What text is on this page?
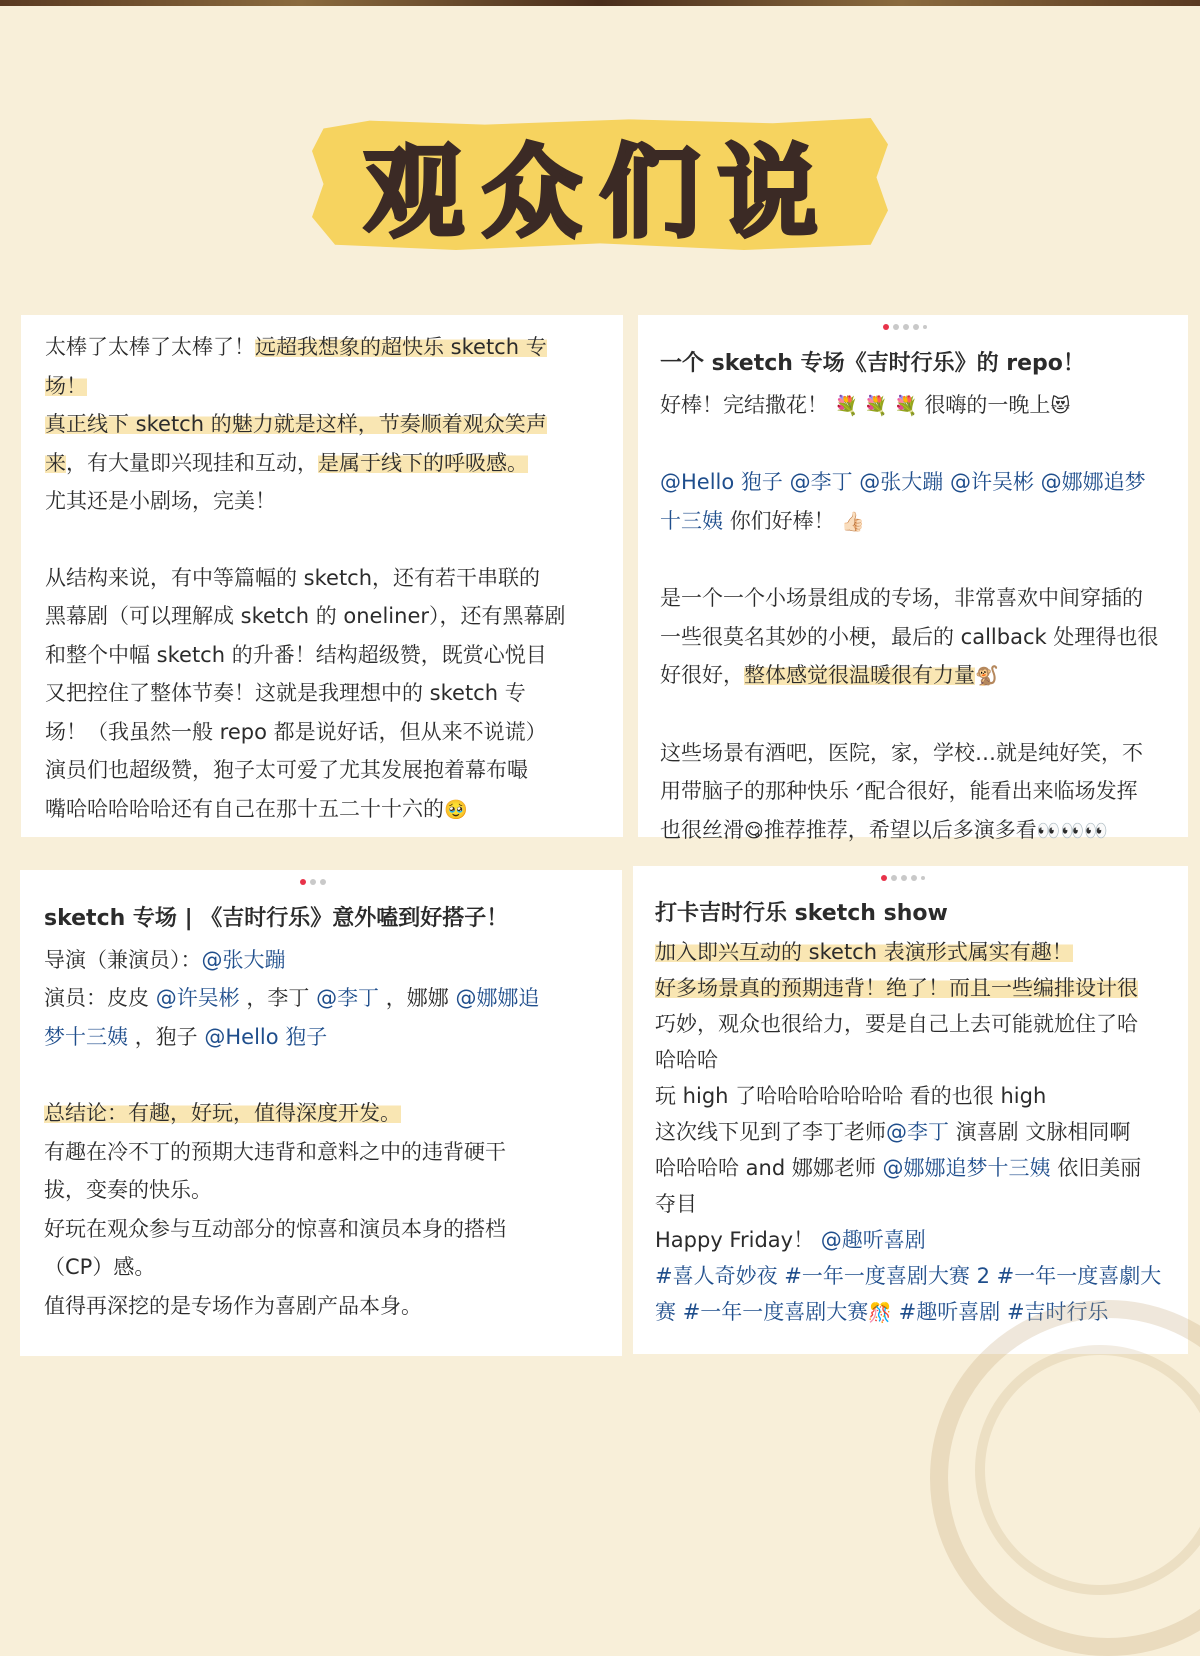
观众们说

太棒了太棒了太棒了！远超我想象的超快乐 sketch 专

场！

真正线下 sketch 的魅力就是这样，节奏顺着观众笑声

来，有大量即兴现挂和互动，是属于线下的呼吸感。

尤其还是小剧场，完美！

从结构来说，有中等篇幅的 sketch，还有若干串联的

黑幕剧（可以理解成 sketch 的 oneliner），还有黑幕剧

和整个中幅 sketch 的升番！结构超级赞，既赏心悦目

又把控住了整体节奏！这就是我理想中的 sketch 专

场！（我虽然一般 repo 都是说好话，但从来不说谎）

演员们也超级赞，狍子太可爱了尤其发展抱着幕布嘬

嘴哈哈哈哈哈还有自己在那十五二十十六的🥹

一个 sketch 专场《吉时行乐》的 repo！

好棒！完结撒花！ 💐 💐 💐 很嗨的一晚上😻

@Hello 狍子 @李丁 @张大蹦 @许吴彬 @娜娜追梦

十三姨 你们好棒！ 👍🏻

是一个一个小场景组成的专场，非常喜欢中间穿插的

一些很莫名其妙的小梗，最后的 callback 处理得也很

好很好，整体感觉很温暖很有力量🐒

这些场景有酒吧，医院，家，学校…就是纯好笑，不

用带脑子的那种快乐 ᐟ配合很好，能看出来临场发挥

也很丝滑😋推荐推荐，希望以后多演多看👀👀👀

sketch 专场 | 《吉时行乐》意外嗑到好搭子！

导演（兼演员）：@张大蹦

演员：皮皮 @许吴彬 ，李丁 @李丁 ，娜娜 @娜娜追

梦十三姨 ，狍子 @Hello 狍子

总结论：有趣，好玩，值得深度开发。

有趣在冷不丁的预期大违背和意料之中的违背硬干

拔，变奏的快乐。

好玩在观众参与互动部分的惊喜和演员本身的搭档

（CP）感。

值得再深挖的是专场作为喜剧产品本身。

打卡吉时行乐 sketch show

加入即兴互动的 sketch 表演形式属实有趣！

好多场景真的预期违背！绝了！而且一些编排设计很

巧妙，观众也很给力，要是自己上去可能就尬住了哈

哈哈哈

玩 high 了哈哈哈哈哈哈哈 看的也很 high

这次线下见到了李丁老师@李丁 演喜剧 文脉相同啊

哈哈哈哈 and 娜娜老师 @娜娜追梦十三姨 依旧美丽

夺目

Happy Friday！ @趣听喜剧

#喜人奇妙夜 #一年一度喜剧大赛 2 #一年一度喜劇大

赛 #一年一度喜剧大赛🎊 #趣听喜剧 #吉时行乐
